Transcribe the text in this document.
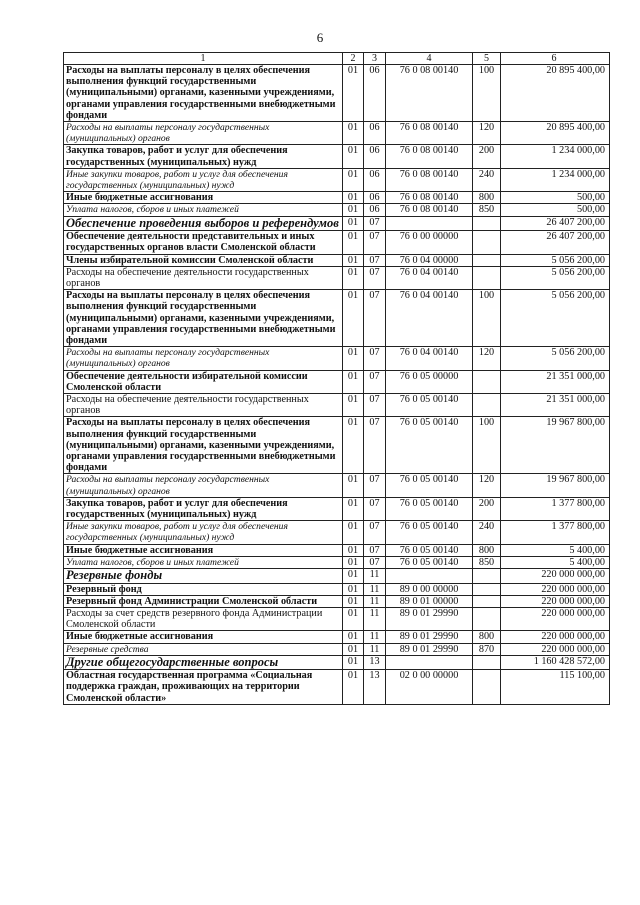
6
1	2	3	4	5	6
Расходы на выплаты персоналу в целях обеспечения выполнения функций государственными (муниципальными) органами, казенными учреждениями, органами управления государственными внебюджетными фондами	01	06	76 0 08 00140	100	20 895 400,00
Расходы на выплаты персоналу государственных (муниципальных) органов	01	06	76 0 08 00140	120	20 895 400,00
Закупка товаров, работ и услуг для обеспечения государственных (муниципальных) нужд	01	06	76 0 08 00140	200	1 234 000,00
Иные закупки товаров, работ и услуг для обеспечения государственных (муниципальных) нужд	01	06	76 0 08 00140	240	1 234 000,00
Иные бюджетные ассигнования	01	06	76 0 08 00140	800	500,00
Уплата налогов, сборов и иных платежей	01	06	76 0 08 00140	850	500,00
Обеспечение проведения выборов и референдумов	01	07			26 407 200,00
Обеспечение деятельности представительных и иных государственных органов власти Смоленской области	01	07	76 0 00 00000		26 407 200,00
Члены избирательной комиссии Смоленской области	01	07	76 0 04 00000		5 056 200,00
Расходы на обеспечение деятельности государственных органов	01	07	76 0 04 00140		5 056 200,00
Расходы на выплаты персоналу в целях обеспечения выполнения функций государственными (муниципальными) органами, казенными учреждениями, органами управления государственными внебюджетными фондами	01	07	76 0 04 00140	100	5 056 200,00
Расходы на выплаты персоналу государственных (муниципальных) органов	01	07	76 0 04 00140	120	5 056 200,00
Обеспечение деятельности избирательной комиссии Смоленской области	01	07	76 0 05 00000		21 351 000,00
Расходы на обеспечение деятельности государственных органов	01	07	76 0 05 00140		21 351 000,00
Расходы на выплаты персоналу в целях обеспечения выполнения функций государственными (муниципальными) органами, казенными учреждениями, органами управления государственными внебюджетными фондами	01	07	76 0 05 00140	100	19 967 800,00
Расходы на выплаты персоналу государственных (муниципальных) органов	01	07	76 0 05 00140	120	19 967 800,00
Закупка товаров, работ и услуг для обеспечения государственных (муниципальных) нужд	01	07	76 0 05 00140	200	1 377 800,00
Иные закупки товаров, работ и услуг для обеспечения государственных (муниципальных) нужд	01	07	76 0 05 00140	240	1 377 800,00
Иные бюджетные ассигнования	01	07	76 0 05 00140	800	5 400,00
Уплата налогов, сборов и иных платежей	01	07	76 0 05 00140	850	5 400,00
Резервные фонды	01	11			220 000 000,00
Резервный фонд	01	11	89 0 00 00000		220 000 000,00
Резервный фонд Администрации Смоленской области	01	11	89 0 01 00000		220 000 000,00
Расходы за счет средств резервного фонда Администрации Смоленской области	01	11	89 0 01 29990		220 000 000,00
Иные бюджетные ассигнования	01	11	89 0 01 29990	800	220 000 000,00
Резервные средства	01	11	89 0 01 29990	870	220 000 000,00
Другие общегосударственные вопросы	01	13			1 160 428 572,00
Областная государственная программа «Социальная поддержка граждан, проживающих на территории Смоленской области»	01	13	02 0 00 00000		115 100,00
